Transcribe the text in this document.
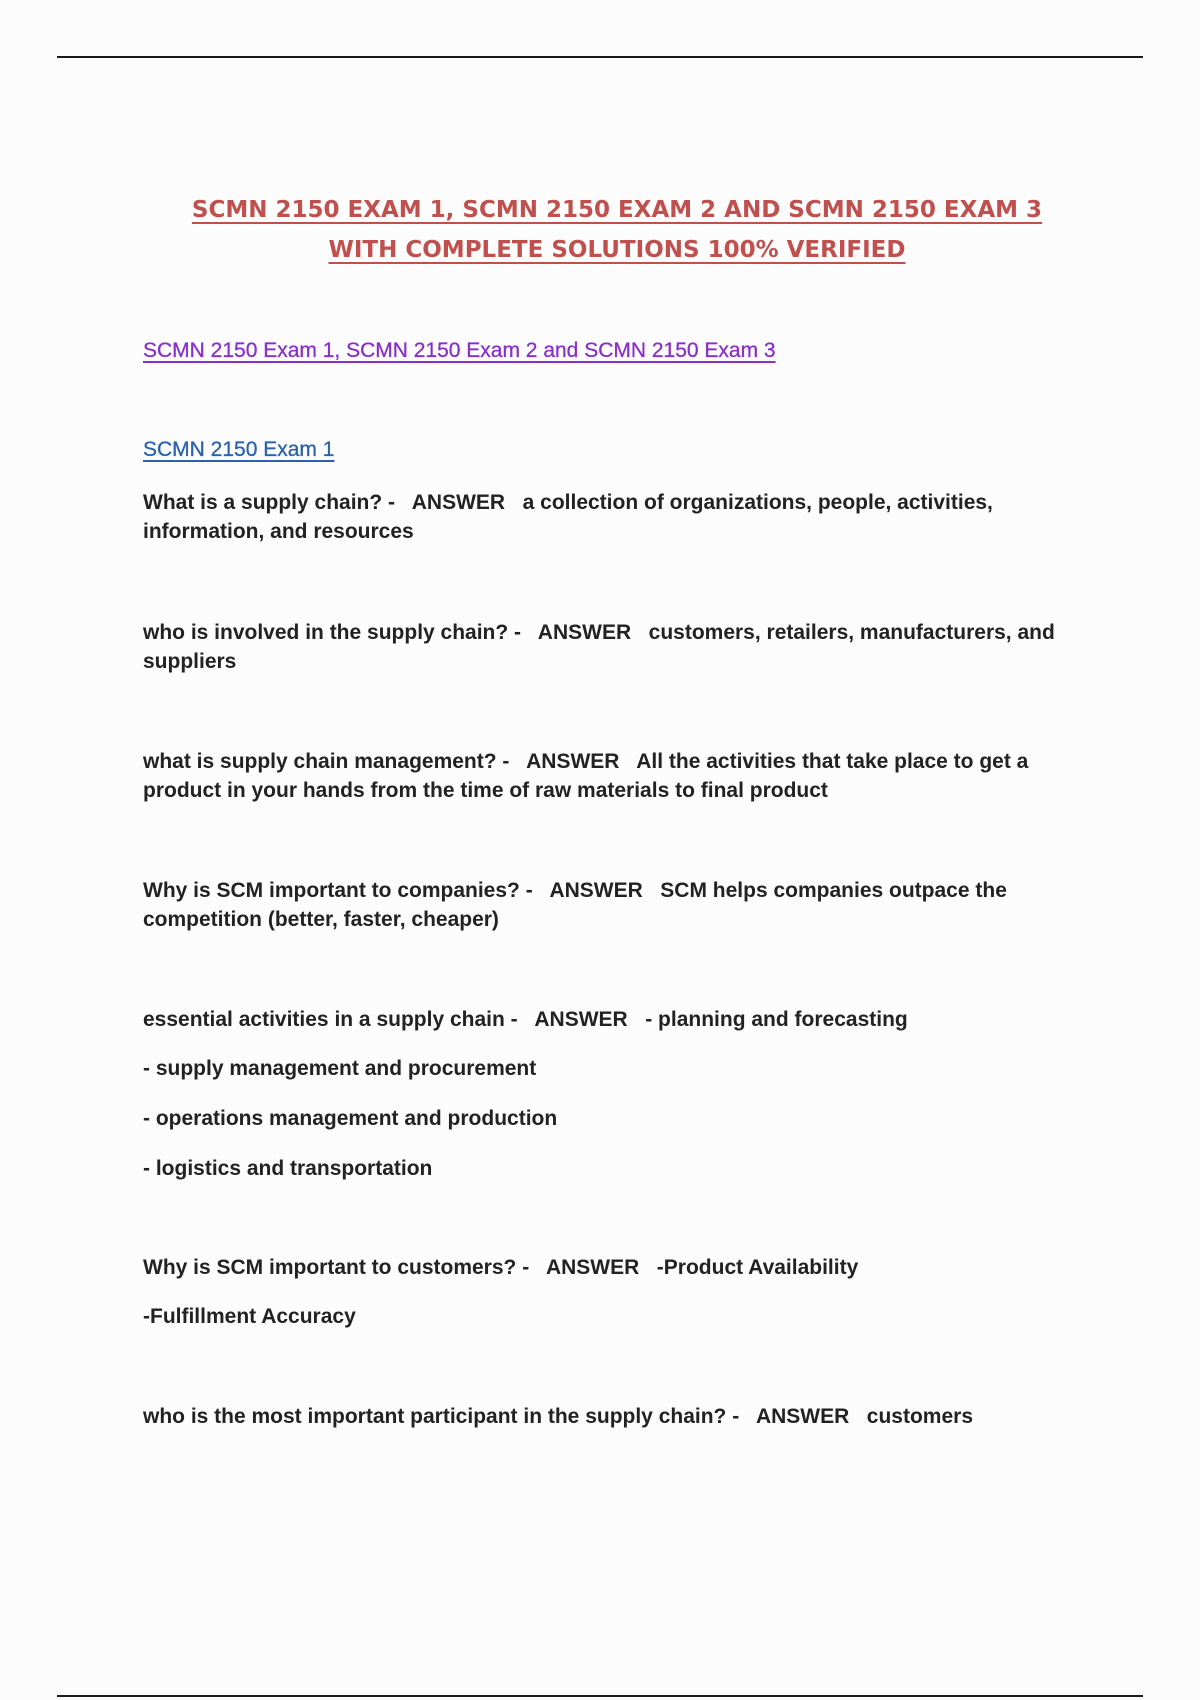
SCMN 2150 EXAM 1, SCMN 2150 EXAM 2 AND SCMN 2150 EXAM 3
WITH COMPLETE SOLUTIONS 100% VERIFIED
SCMN 2150 Exam 1, SCMN 2150 Exam 2 and SCMN 2150 Exam 3
SCMN 2150 Exam 1

What is a supply chain? - ANSWER a collection of organizations, people, activities, information, and resources

who is involved in the supply chain? - ANSWER customers, retailers, manufacturers, and suppliers

what is supply chain management? - ANSWER All the activities that take place to get a product in your hands from the time of raw materials to final product

Why is SCM important to companies? - ANSWER SCM helps companies outpace the competition (better, faster, cheaper)

essential activities in a supply chain - ANSWER - planning and forecasting

- supply management and procurement

- operations management and production

- logistics and transportation

Why is SCM important to customers? - ANSWER -Product Availability

-Fulfillment Accuracy

who is the most important participant in the supply chain? - ANSWER customers
